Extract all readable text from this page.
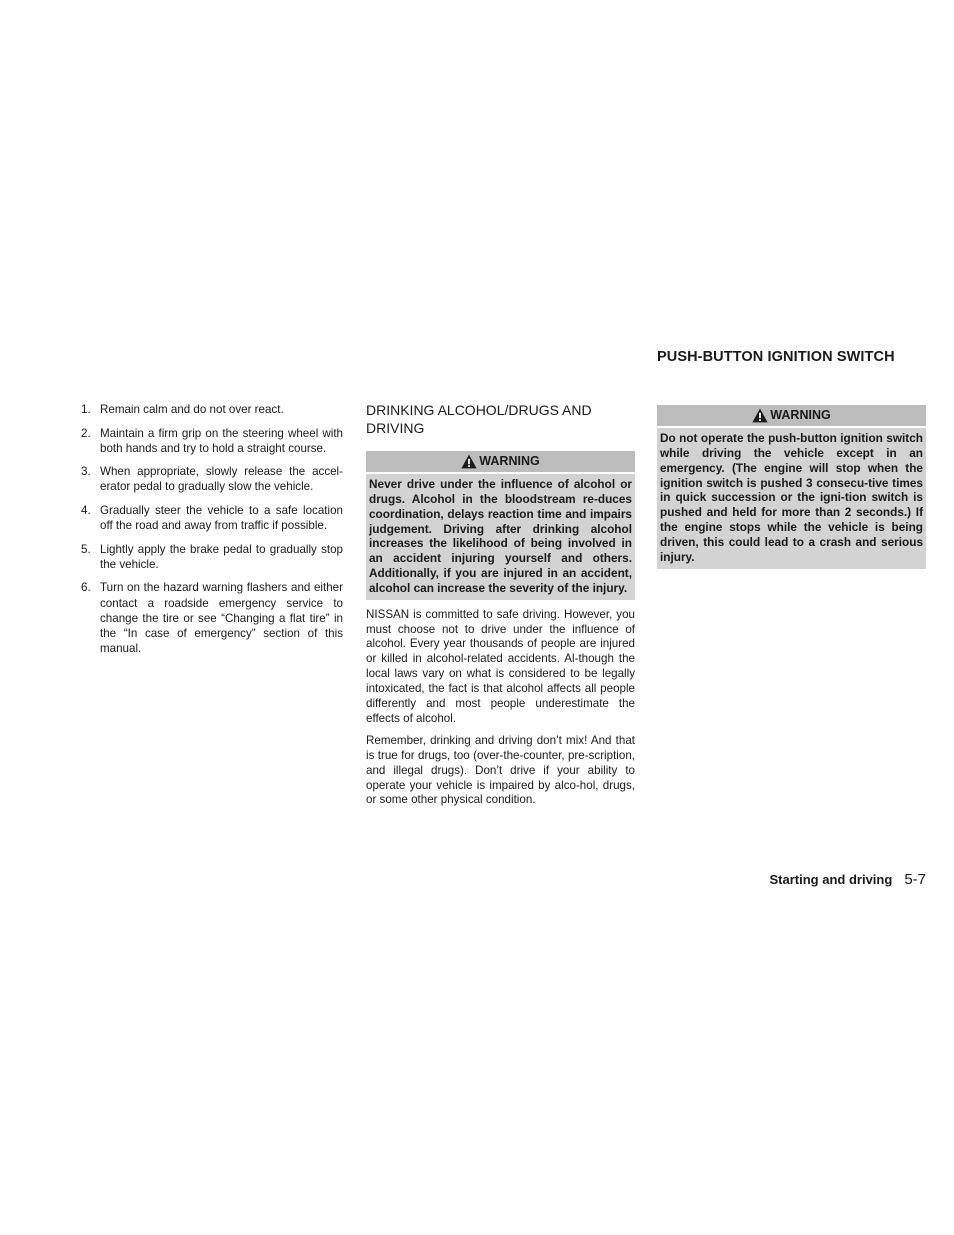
PUSH-BUTTON IGNITION SWITCH
1. Remain calm and do not over react.
2. Maintain a firm grip on the steering wheel with both hands and try to hold a straight course.
3. When appropriate, slowly release the accel-erator pedal to gradually slow the vehicle.
4. Gradually steer the vehicle to a safe location off the road and away from traffic if possible.
5. Lightly apply the brake pedal to gradually stop the vehicle.
6. Turn on the hazard warning flashers and either contact a roadside emergency service to change the tire or see “Changing a flat tire” in the “In case of emergency” section of this manual.
DRINKING ALCOHOL/DRUGS AND DRIVING
WARNING
Never drive under the influence of alcohol or drugs. Alcohol in the bloodstream re-duces coordination, delays reaction time and impairs judgement. Driving after drinking alcohol increases the likelihood of being involved in an accident injuring yourself and others. Additionally, if you are injured in an accident, alcohol can increase the severity of the injury.

NISSAN is committed to safe driving. However, you must choose not to drive under the influence of alcohol. Every year thousands of people are injured or killed in alcohol-related accidents. Al-though the local laws vary on what is considered to be legally intoxicated, the fact is that alcohol affects all people differently and most people underestimate the effects of alcohol.

Remember, drinking and driving don’t mix! And that is true for drugs, too (over-the-counter, pre-scription, and illegal drugs). Don’t drive if your ability to operate your vehicle is impaired by alco-hol, drugs, or some other physical condition.

WARNING
Do not operate the push-button ignition switch while driving the vehicle except in an emergency. (The engine will stop when the ignition switch is pushed 3 consecu-tive times in quick succession or the igni-tion switch is pushed and held for more than 2 seconds.) If the engine stops while the vehicle is being driven, this could lead to a crash and serious injury.
Starting and driving 5-7
